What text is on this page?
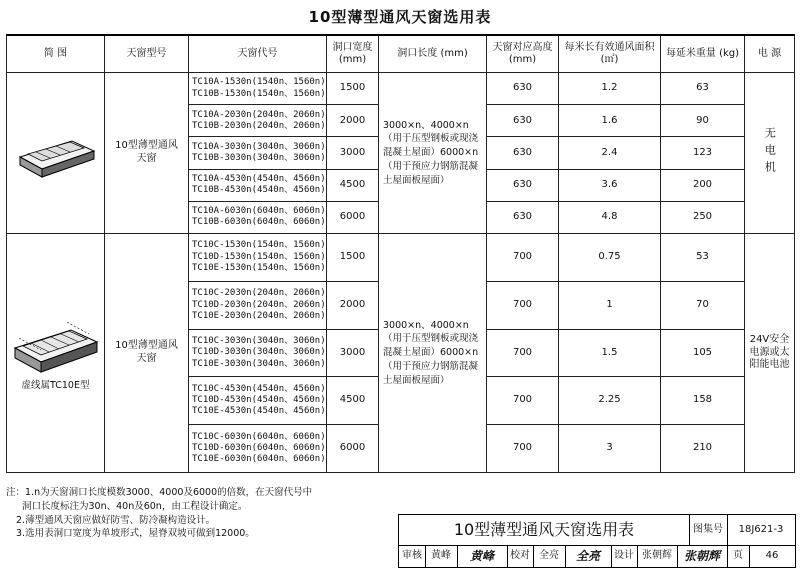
10型薄型通风天窗选用表
简 图	天窗型号	天窗代号	洞口宽度 (mm)	洞口长度 (mm)	天窗对应高度 (mm)	每米长有效通风面积 (㎡)	每延米重量 (kg)	电 源

	10型薄型通风天窗	TC10A-1530n(1540n、1560n)
TC10B-1530n(1540n、1560n)	1500	3000×n、4000×n（用于压型钢板或现浇混凝土屋面）6000×n（用于预应力钢筋混凝土屋面板屋面）	630	1.2	63	无电机

		TC10A-2030n(2040n、2060n)
TC10B-2030n(2040n、2060n)	2000		630	1.6	90	

		TC10A-3030n(3040n、3060n)
TC10B-3030n(3040n、3060n)	3000		630	2.4	123	

		TC10A-4530n(4540n、4560n)
TC10B-4530n(4540n、4560n)	4500		630	3.6	200	

		TC10A-6030n(6040n、6060n)
TC10B-6030n(6040n、6060n)	6000		630	4.8	250	

虚线属TC10E型	10型薄型通风天窗	TC10C-1530n(1540n、1560n)
TC10D-1530n(1540n、1560n)
TC10E-1530n(1540n、1560n)	1500	3000×n、4000×n（用于压型钢板或现浇混凝土屋面）6000×n（用于预应力钢筋混凝土屋面板屋面）	700	0.75	53	24V安全电源或太阳能电池

		TC10C-2030n(2040n、2060n)
TC10D-2030n(2040n、2060n)
TC10E-2030n(2040n、2060n)	2000		700	1	70	

		TC10C-3030n(3040n、3060n)
TC10D-3030n(3040n、3060n)
TC10E-3030n(3040n、3060n)	3000		700	1.5	105	

		TC10C-4530n(4540n、4560n)
TC10D-4530n(4540n、4560n)
TC10E-4530n(4540n、4560n)	4500		700	2.25	158	

		TC10C-6030n(6040n、6060n)
TC10D-6030n(6040n、6060n)
TC10E-6030n(6040n、6060n)	6000		700	3	210	
注：1.n为天窗洞口长度模数3000、4000及6000的倍数，在天窗代号中
洞口长度标注为30n、40n及60n，由工程设计确定。
2.薄型通风天窗应做好防雪、防冷凝构造设计。
3.选用表洞口宽度为单坡形式，屋脊双坡可做到12000。	10型薄型通风天窗选用表	图集号	18J621-3
审核 黄峰	黄峰	校对 全亮	全亮	设计 张朝辉 张朝辉	页	46
